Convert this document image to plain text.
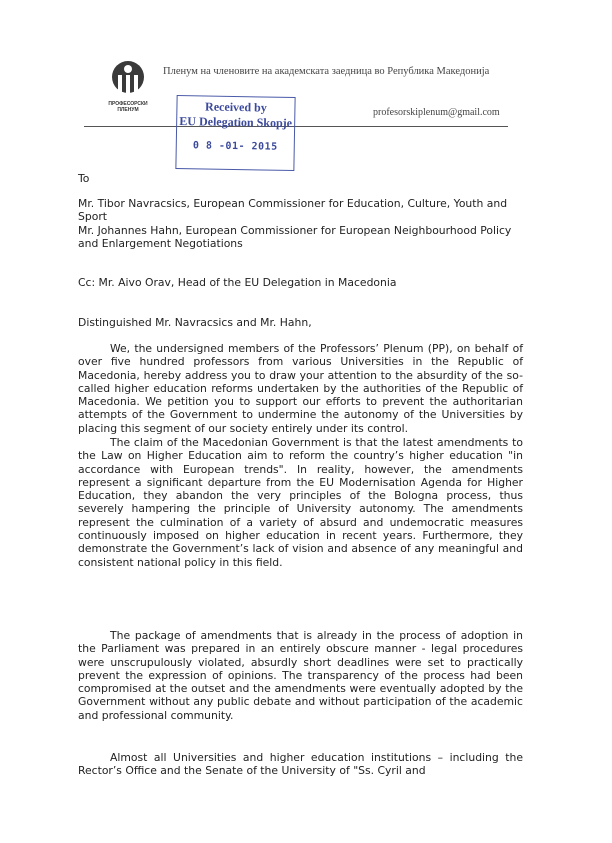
ПРОФЕСОРСКИ ПЛЕНУМ
Пленум на членовите на академската заедница во Република Македонија
profesorskiplenum@gmail.com
Received by
EU Delegation Skopje
0 8 -01- 2015
To
Mr. Tibor Navracsics, European Commissioner for Education, Culture, Youth and Sport
Mr. Johannes Hahn, European Commissioner for European Neighbourhood Policy and Enlargement Negotiations
Cc: Mr. Aivo Orav, Head of the EU Delegation in Macedonia
Distinguished Mr. Navracsics and Mr. Hahn,
We, the undersigned members of the Professors’ Plenum (PP), on behalf of over five hundred professors from various Universities in the Republic of Macedonia, hereby address you to draw your attention to the absurdity of the so-called higher education reforms undertaken by the authorities of the Republic of Macedonia. We petition you to support our efforts to prevent the authoritarian attempts of the Government to undermine the autonomy of the Universities by placing this segment of our society entirely under its control.
The claim of the Macedonian Government is that the latest amendments to the Law on Higher Education aim to reform the country’s higher education "in accordance with European trends". In reality, however, the amendments represent a significant departure from the EU Modernisation Agenda for Higher Education, they abandon the very principles of the Bologna process, thus severely hampering the principle of University autonomy. The amendments represent the culmination of a variety of absurd and undemocratic measures continuously imposed on higher education in recent years. Furthermore, they demonstrate the Government’s lack of vision and absence of any meaningful and consistent national policy in this field.
The package of amendments that is already in the process of adoption in the Parliament was prepared in an entirely obscure manner - legal procedures were unscrupulously violated, absurdly short deadlines were set to practically prevent the expression of opinions. The transparency of the process had been compromised at the outset and the amendments were eventually adopted by the Government without any public debate and without participation of the academic and professional community.
Almost all Universities and higher education institutions – including the Rector’s Office and the Senate of the University of "Ss. Cyril and
